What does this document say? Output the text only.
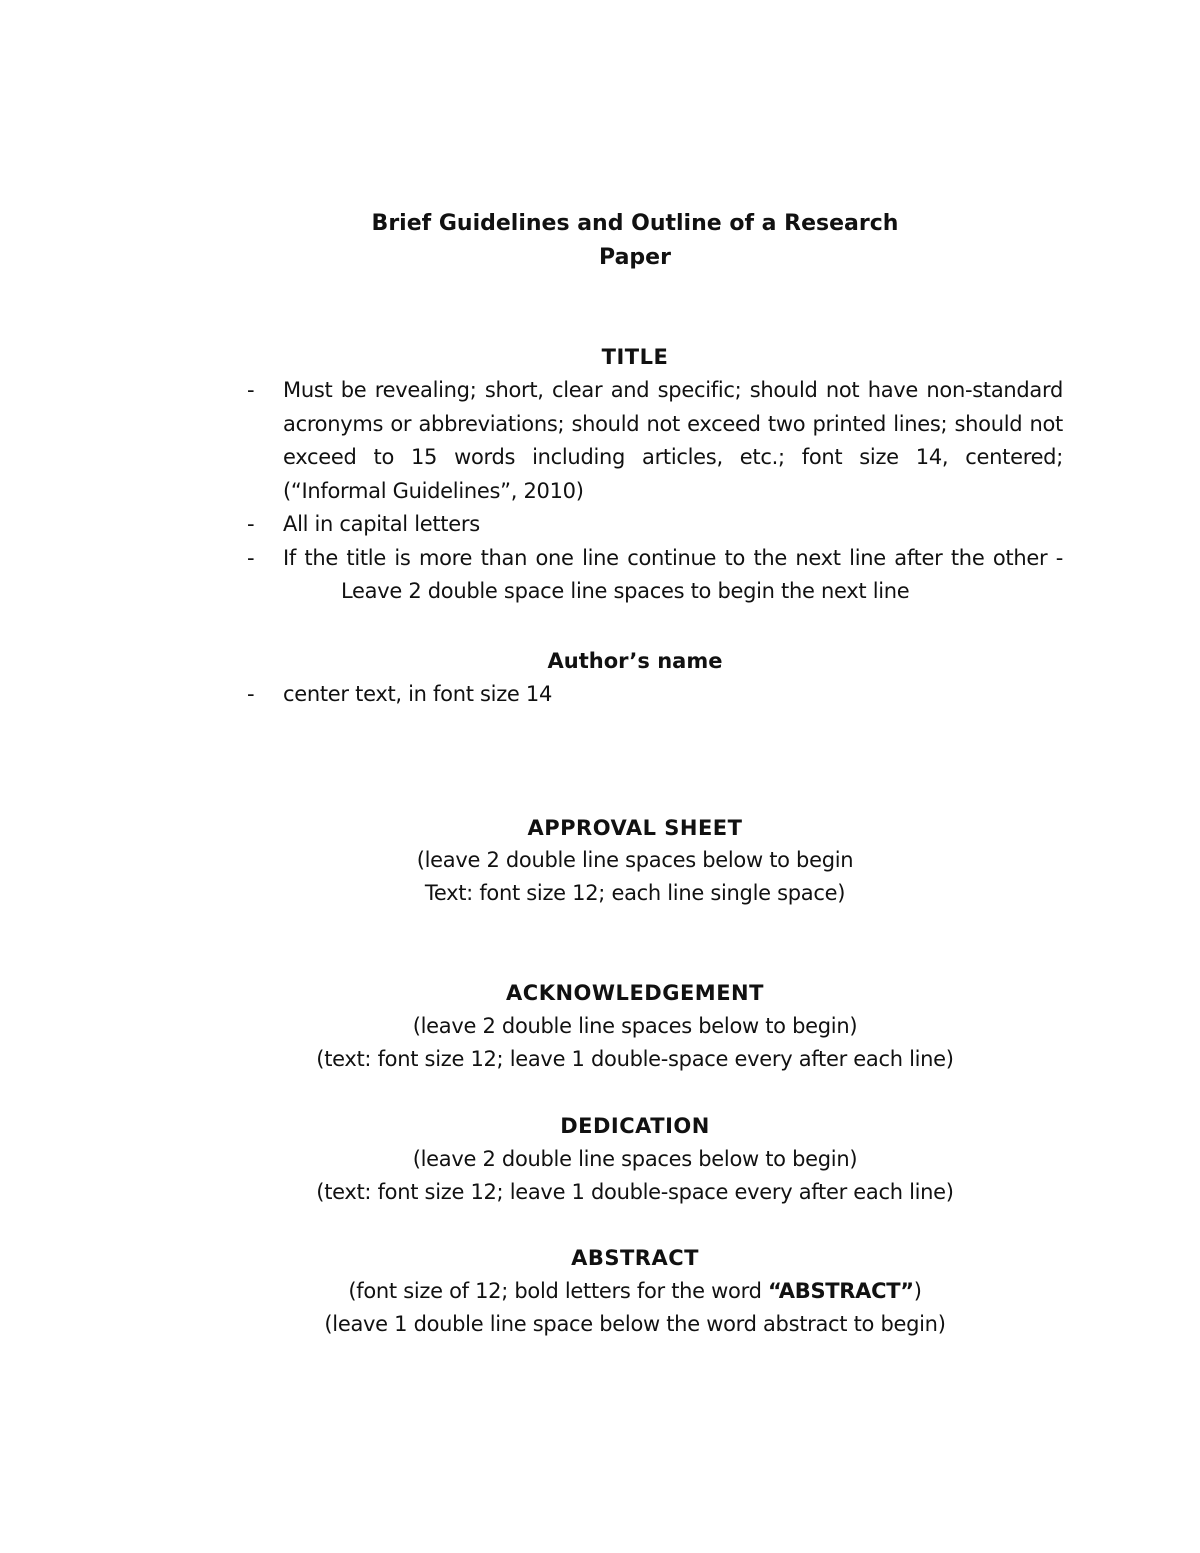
Brief Guidelines and Outline of a Research
Paper
TITLE
- Must be revealing; short, clear and specific; should not have non-standard acronyms or abbreviations; should not exceed two printed lines; should not exceed to 15 words including articles, etc.; font size 14, centered; (“Informal Guidelines”, 2010)
- All in capital letters
- If the title is more than one line continue to the next line after the other -Leave 2 double space line spaces to begin the next line
Author’s name
- center text, in font size 14
APPROVAL SHEET
(leave 2 double line spaces below to begin
Text: font size 12; each line single space)
ACKNOWLEDGEMENT
(leave 2 double line spaces below to begin)
(text: font size 12; leave 1 double-space every after each line)
DEDICATION
(leave 2 double line spaces below to begin)
(text: font size 12; leave 1 double-space every after each line)
ABSTRACT
(font size of 12; bold letters for the word “ABSTRACT”)
(leave 1 double line space below the word abstract to begin)
